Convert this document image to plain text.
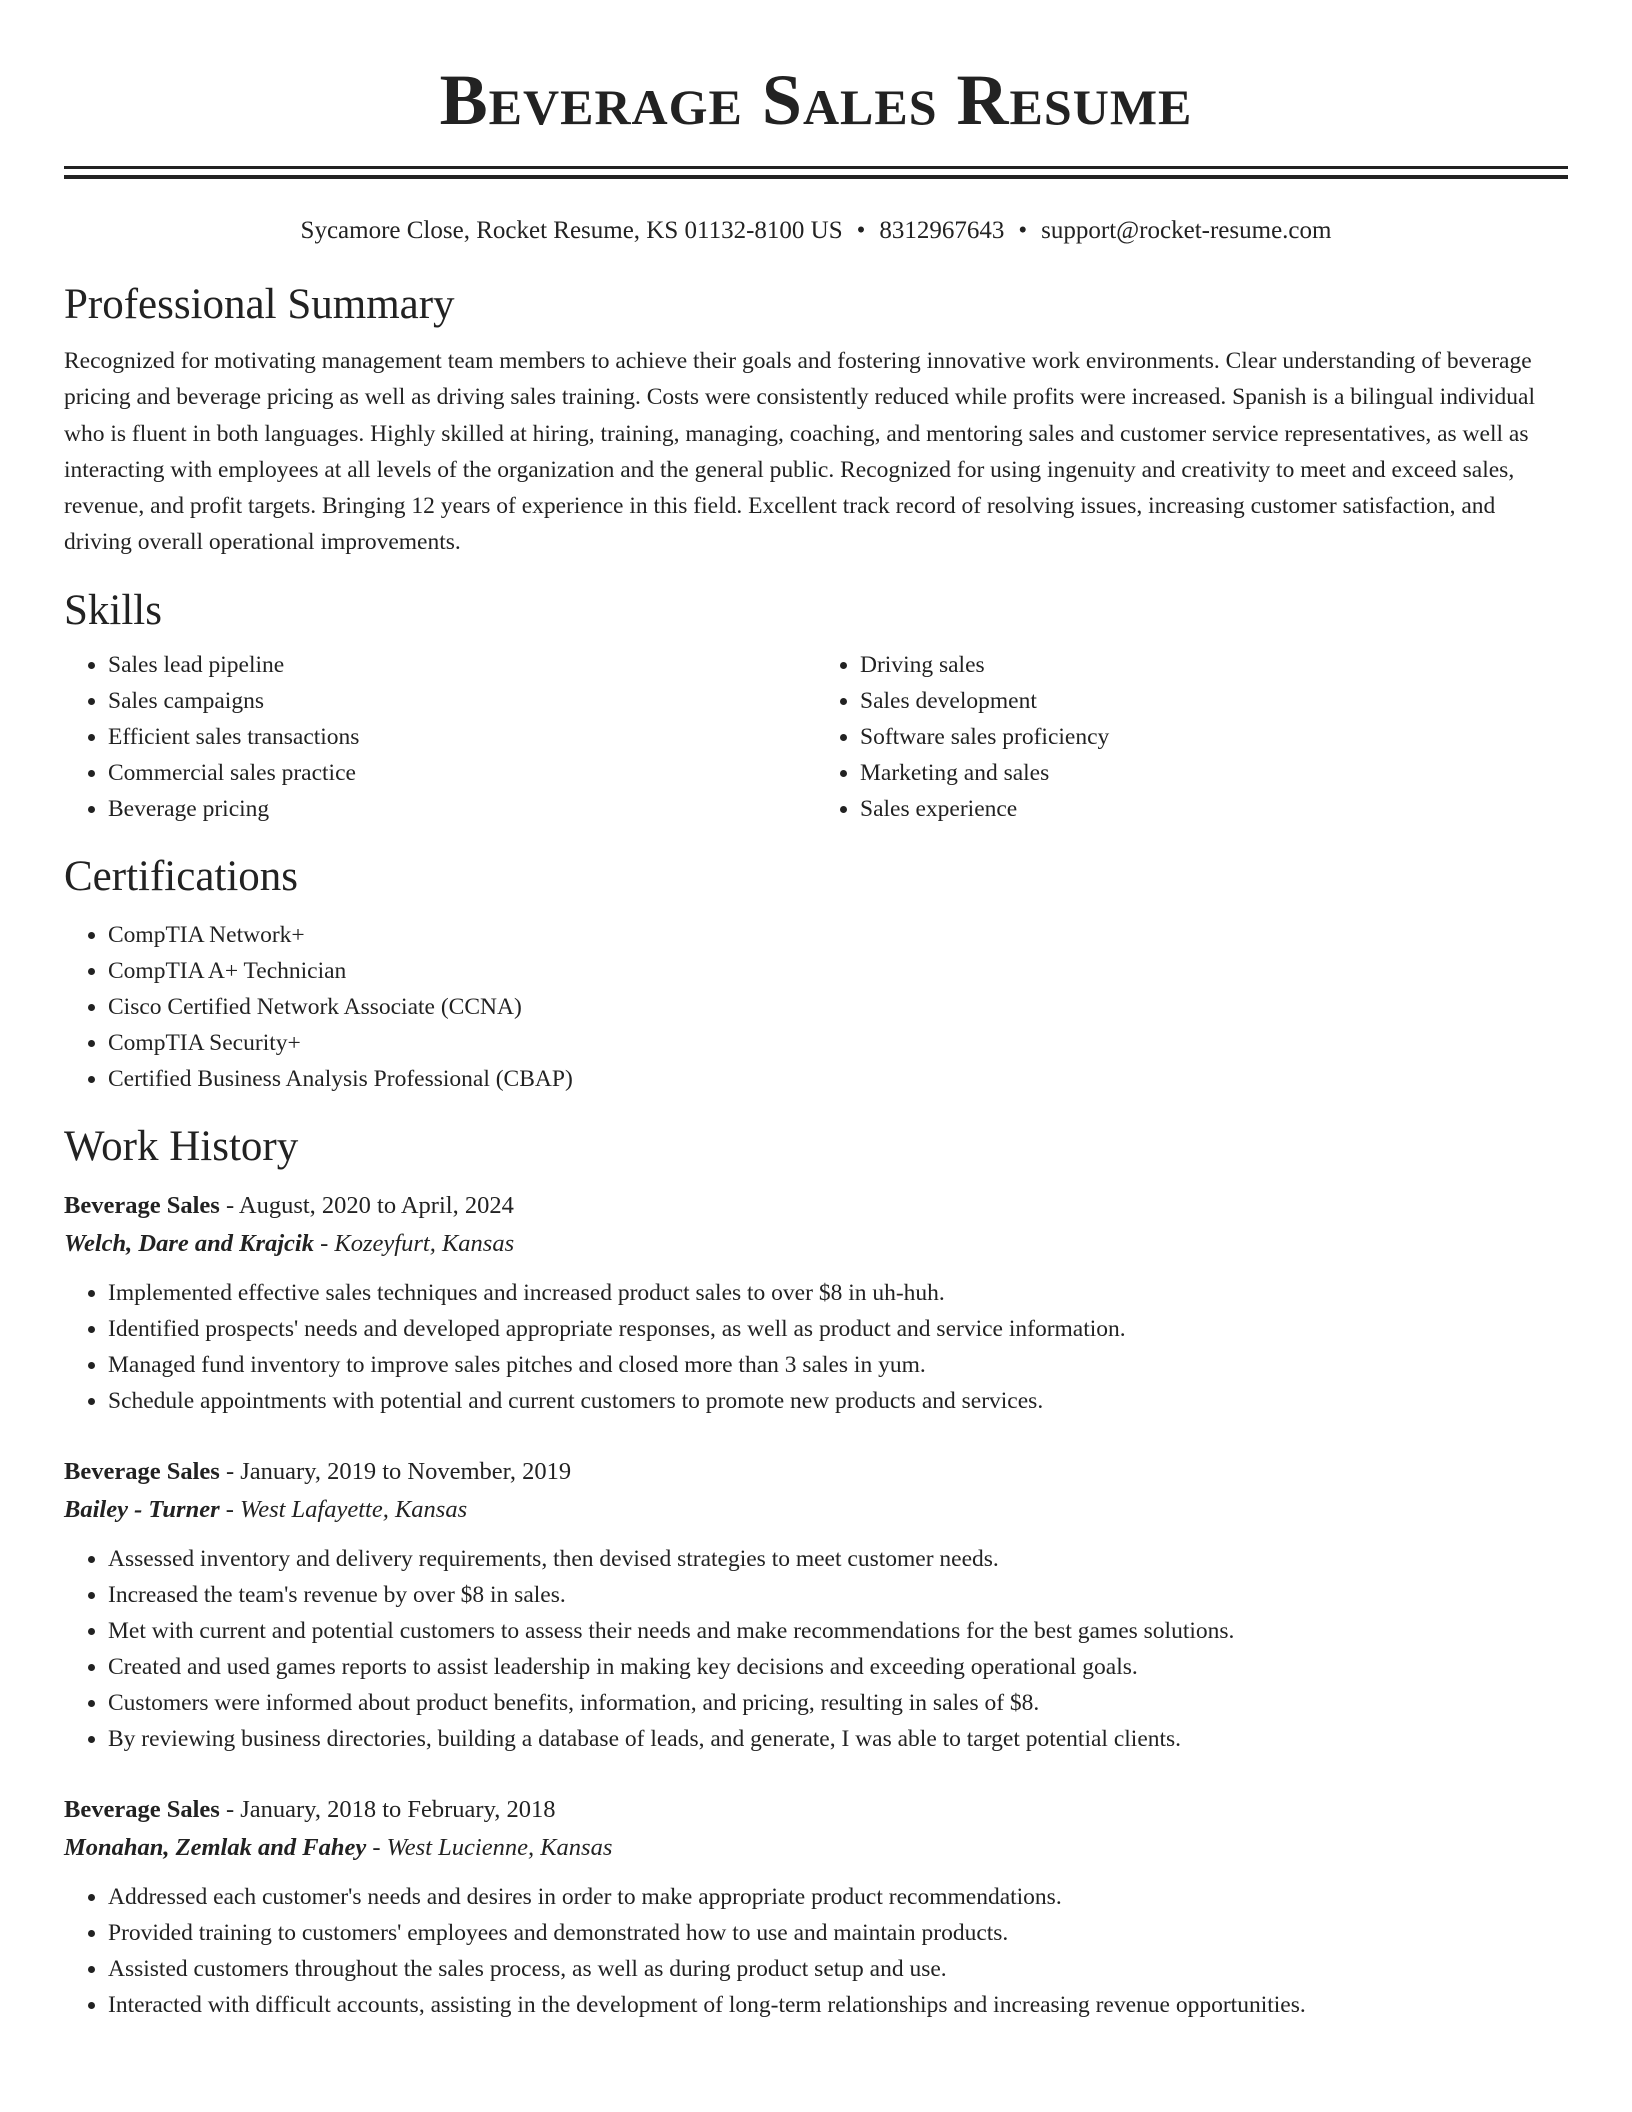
Beverage Sales Resume
Sycamore Close, Rocket Resume, KS 01132-8100 US • 8312967643 • support@rocket-resume.com
Professional Summary

Recognized for motivating management team members to achieve their goals and fostering innovative work environments. Clear understanding of beverage pricing and beverage pricing as well as driving sales training. Costs were consistently reduced while profits were increased. Spanish is a bilingual individual who is fluent in both languages. Highly skilled at hiring, training, managing, coaching, and mentoring sales and customer service representatives, as well as interacting with employees at all levels of the organization and the general public. Recognized for using ingenuity and creativity to meet and exceed sales, revenue, and profit targets. Bringing 12 years of experience in this field. Excellent track record of resolving issues, increasing customer satisfaction, and driving overall operational improvements.

Skills
• Sales lead pipeline
• Sales campaigns
• Efficient sales transactions
• Commercial sales practice
• Beverage pricing
• Driving sales
• Sales development
• Software sales proficiency
• Marketing and sales
• Sales experience
Certifications
• CompTIA Network+
• CompTIA A+ Technician
• Cisco Certified Network Associate (CCNA)
• CompTIA Security+
• Certified Business Analysis Professional (CBAP)
Work History
Beverage Sales - August, 2020 to April, 2024
Welch, Dare and Krajcik - Kozeyfurt, Kansas
• Implemented effective sales techniques and increased product sales to over $8 in uh-huh.
• Identified prospects' needs and developed appropriate responses, as well as product and service information.
• Managed fund inventory to improve sales pitches and closed more than 3 sales in yum.
• Schedule appointments with potential and current customers to promote new products and services.
Beverage Sales - January, 2019 to November, 2019
Bailey - Turner - West Lafayette, Kansas
• Assessed inventory and delivery requirements, then devised strategies to meet customer needs.
• Increased the team's revenue by over $8 in sales.
• Met with current and potential customers to assess their needs and make recommendations for the best games solutions.
• Created and used games reports to assist leadership in making key decisions and exceeding operational goals.
• Customers were informed about product benefits, information, and pricing, resulting in sales of $8.
• By reviewing business directories, building a database of leads, and generate, I was able to target potential clients.
Beverage Sales - January, 2018 to February, 2018
Monahan, Zemlak and Fahey - West Lucienne, Kansas
• Addressed each customer's needs and desires in order to make appropriate product recommendations.
• Provided training to customers' employees and demonstrated how to use and maintain products.
• Assisted customers throughout the sales process, as well as during product setup and use.
• Interacted with difficult accounts, assisting in the development of long-term relationships and increasing revenue opportunities.
